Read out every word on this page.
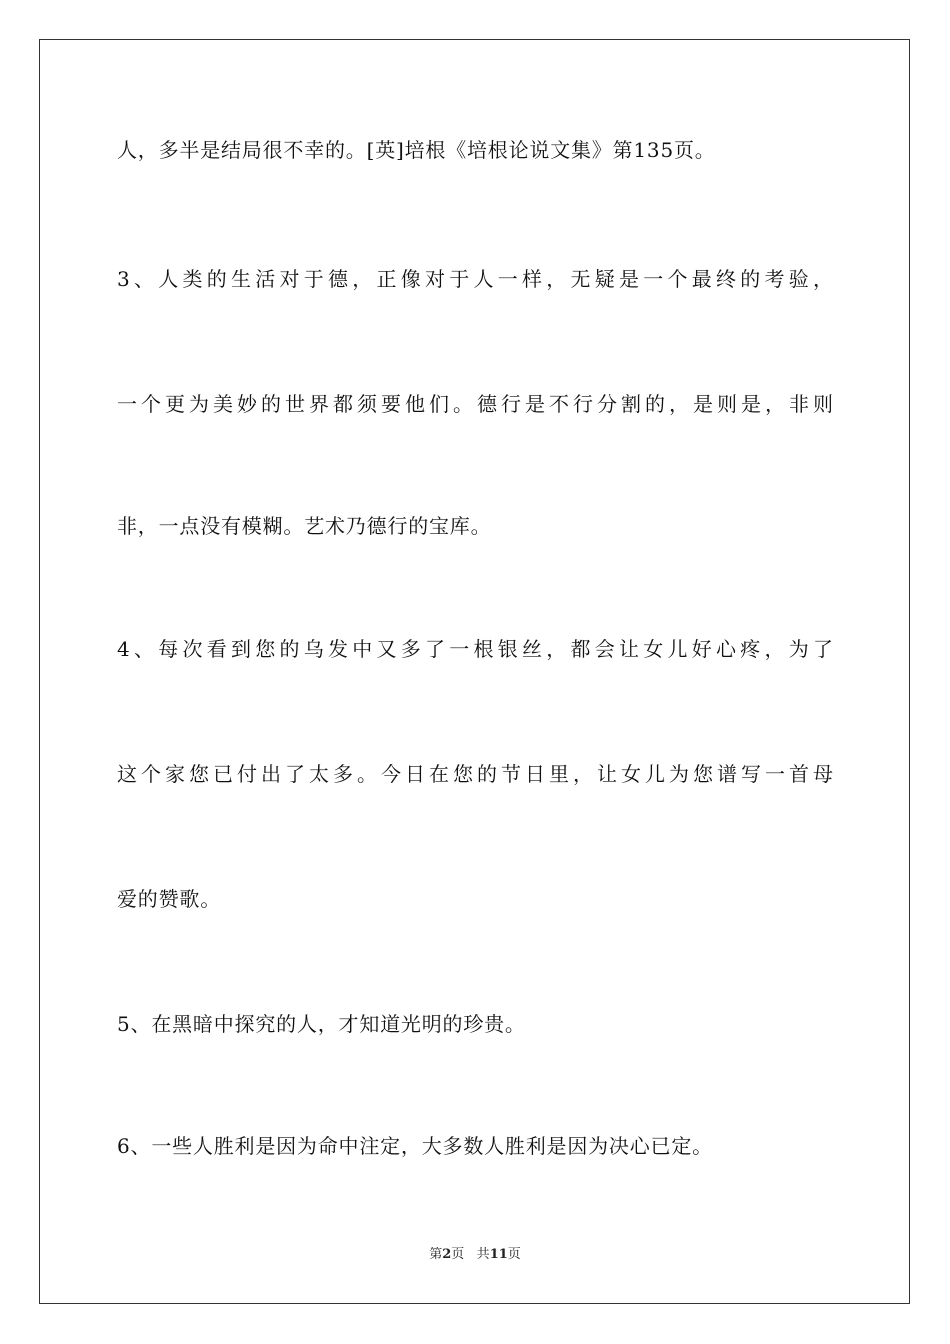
人，多半是结局很不幸的。[英]培根《培根论说文集》第135页。
3、人类的生活对于德，正像对于人一样，无疑是一个最终的考验，
一个更为美妙的世界都须要他们。德行是不行分割的，是则是，非则
非，一点没有模糊。艺术乃德行的宝库。
4、每次看到您的乌发中又多了一根银丝，都会让女儿好心疼，为了
这个家您已付出了太多。今日在您的节日里，让女儿为您谱写一首母
爱的赞歌。
5、在黑暗中探究的人，才知道光明的珍贵。
6、一些人胜利是因为命中注定，大多数人胜利是因为决心已定。
第2页 共11页
